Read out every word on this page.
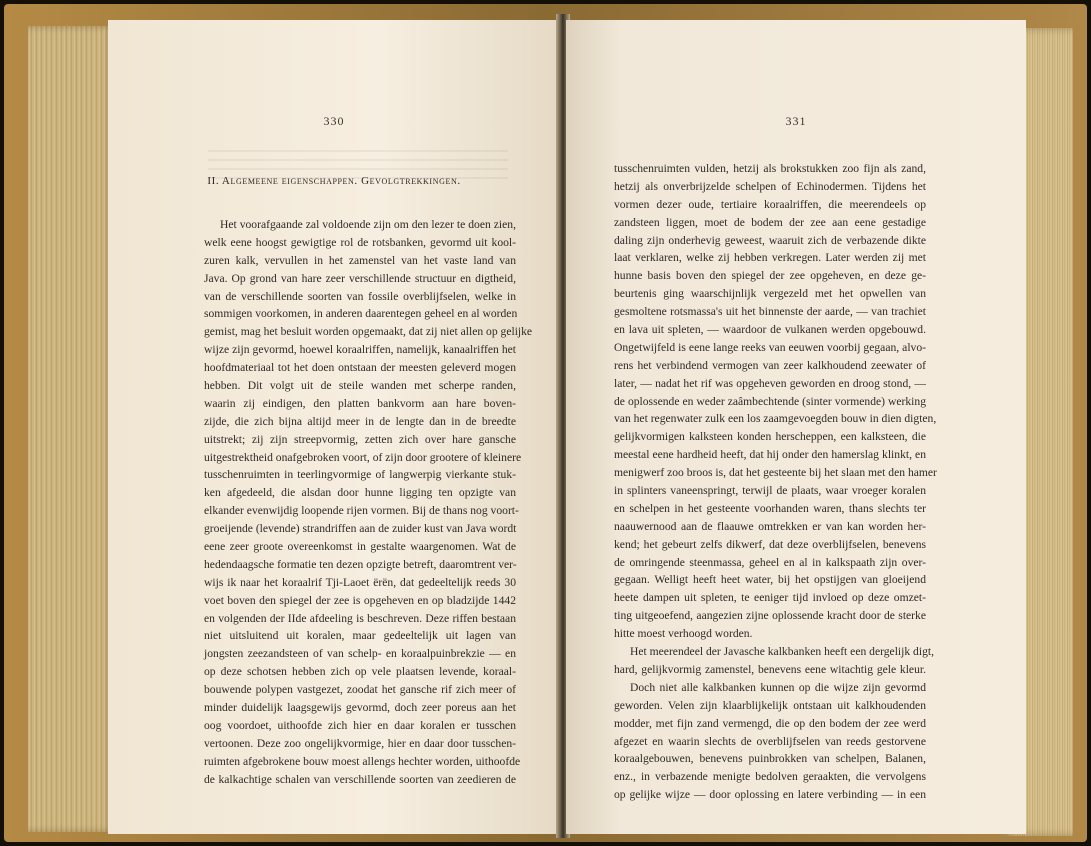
330
II. Algemeene eigenschappen. Gevolgtrekkingen.
Het voorafgaande zal voldoende zijn om den lezer te doen zien,
welk eene hoogst gewigtige rol de rotsbanken, gevormd uit kool-
zuren kalk, vervullen in het zamenstel van het vaste land van
Java. Op grond van hare zeer verschillende structuur en digtheid,
van de verschillende soorten van fossile overblijfselen, welke in
sommigen voorkomen, in anderen daarentegen geheel en al worden
gemist, mag het besluit worden opgemaakt, dat zij niet allen op gelijke
wijze zijn gevormd, hoewel koraalriffen, namelijk, kanaalriffen het
hoofdmateriaal tot het doen ontstaan der meesten geleverd mogen
hebben. Dit volgt uit de steile wanden met scherpe randen,
waarin zij eindigen, den platten bankvorm aan hare boven-
zijde, die zich bijna altijd meer in de lengte dan in de breedte
uitstrekt; zij zijn streepvormig, zetten zich over hare gansche
uitgestrektheid onafgebroken voort, of zijn door grootere of kleinere
tusschenruimten in teerlingvormige of langwerpig vierkante stuk-
ken afgedeeld, die alsdan door hunne ligging ten opzigte van
elkander evenwijdig loopende rijen vormen. Bij de thans nog voort-
groeijende (levende) strandriffen aan de zuider kust van Java wordt
eene zeer groote overeenkomst in gestalte waargenomen. Wat de
hedendaagsche formatie ten dezen opzigte betreft, daaromtrent ver-
wijs ik naar het koraalrif Tji-Laoet ërën, dat gedeeltelijk reeds 30
voet boven den spiegel der zee is opgeheven en op bladzijde 1442
en volgenden der IIde afdeeling is beschreven. Deze riffen bestaan
niet uitsluitend uit koralen, maar gedeeltelijk uit lagen van
jongsten zeezandsteen of van schelp- en koraalpuinbrekzie — en
op deze schotsen hebben zich op vele plaatsen levende, koraal-
bouwende polypen vastgezet, zoodat het gansche rif zich meer of
minder duidelijk laagsgewijs gevormd, doch zeer poreus aan het
oog voordoet, uithoofde zich hier en daar koralen er tusschen
vertoonen. Deze zoo ongelijkvormige, hier en daar door tusschen-
ruimten afgebrokene bouw moest allengs hechter worden, uithoofde
de kalkachtige schalen van verschillende soorten van zeedieren de
331
tusschenruimten vulden, hetzij als brokstukken zoo fijn als zand,
hetzij als onverbrijzelde schelpen of Echinodermen. Tijdens het
vormen dezer oude, tertiaire koraalriffen, die meerendeels op
zandsteen liggen, moet de bodem der zee aan eene gestadige
daling zijn onderhevig geweest, waaruit zich de verbazende dikte
laat verklaren, welke zij hebben verkregen. Later werden zij met
hunne basis boven den spiegel der zee opgeheven, en deze ge-
beurtenis ging waarschijnlijk vergezeld met het opwellen van
gesmoltene rotsmassa's uit het binnenste der aarde, — van trachiet
en lava uit spleten, — waardoor de vulkanen werden opgebouwd.
Ongetwijfeld is eene lange reeks van eeuwen voorbij gegaan, alvo-
rens het verbindend vermogen van zeer kalkhoudend zeewater of
later, — nadat het rif was opgeheven geworden en droog stond, —
de oplossende en weder zaâmbechtende (sinter vormende) werking
van het regenwater zulk een los zaamgevoegden bouw in dien digten,
gelijkvormigen kalksteen konden herscheppen, een kalksteen, die
meestal eene hardheid heeft, dat hij onder den hamerslag klinkt, en
menigwerf zoo broos is, dat het gesteente bij het slaan met den hamer
in splinters vaneenspringt, terwijl de plaats, waar vroeger koralen
en schelpen in het gesteente voorhanden waren, thans slechts ter
naauwernood aan de flaauwe omtrekken er van kan worden her-
kend; het gebeurt zelfs dikwerf, dat deze overblijfselen, benevens
de omringende steenmassa, geheel en al in kalkspaath zijn over-
gegaan. Welligt heeft heet water, bij het opstijgen van gloeijend
heete dampen uit spleten, te eeniger tijd invloed op deze omzet-
ting uitgeoefend, aangezien zijne oplossende kracht door de sterke
hitte moest verhoogd worden.
Het meerendeel der Javasche kalkbanken heeft een dergelijk digt,
hard, gelijkvormig zamenstel, benevens eene witachtig gele kleur.
Doch niet alle kalkbanken kunnen op die wijze zijn gevormd
geworden. Velen zijn klaarblijkelijk ontstaan uit kalkhoudenden
modder, met fijn zand vermengd, die op den bodem der zee werd
afgezet en waarin slechts de overblijfselen van reeds gestorvene
koraalgebouwen, benevens puinbrokken van schelpen, Balanen,
enz., in verbazende menigte bedolven geraakten, die vervolgens
op gelijke wijze — door oplossing en latere verbinding — in een
